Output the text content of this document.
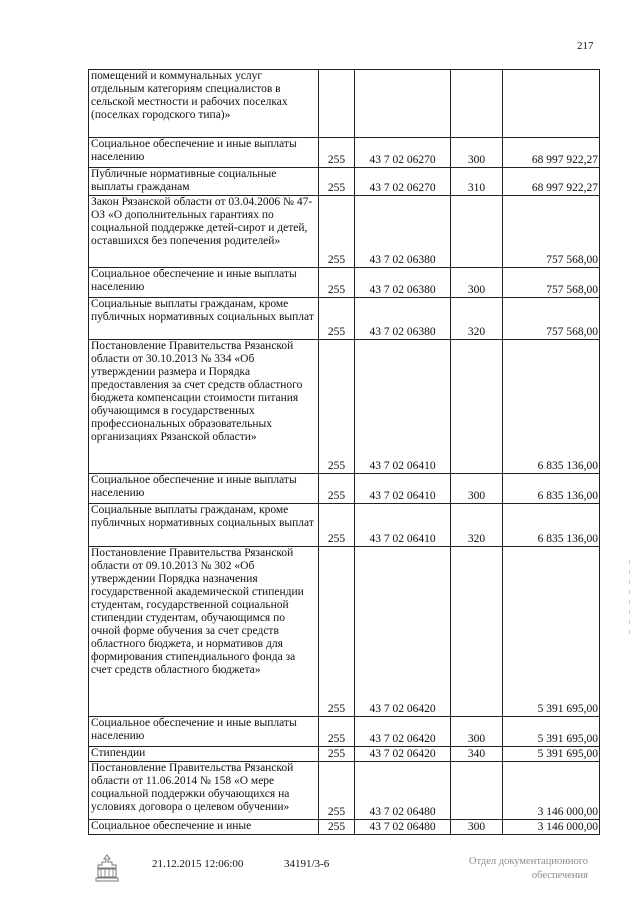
217
помещений и коммунальных услуг отдельным категориям специалистов в сельской местности и рабочих поселках (поселках городского типа)»				
Социальное обеспечение и иные выплаты населению	255	43 7 02 06270	300	68 997 922,27
Публичные нормативные социальные выплаты гражданам	255	43 7 02 06270	310	68 997 922,27
Закон Рязанской области от 03.04.2006 № 47-ОЗ «О дополнительных гарантиях по социальной поддержке детей-сирот и детей, оставшихся без попечения родителей»	255	43 7 02 06380		757 568,00
Социальное обеспечение и иные выплаты населению	255	43 7 02 06380	300	757 568,00
Социальные выплаты гражданам, кроме публичных нормативных социальных выплат	255	43 7 02 06380	320	757 568,00
Постановление Правительства Рязанской области от 30.10.2013 № 334 «Об утверждении размера и Порядка предоставления за счет средств областного бюджета компенсации стоимости питания обучающимся в государственных профессиональных образовательных организациях Рязанской области»	255	43 7 02 06410		6 835 136,00
Социальное обеспечение и иные выплаты населению	255	43 7 02 06410	300	6 835 136,00
Социальные выплаты гражданам, кроме публичных нормативных социальных выплат	255	43 7 02 06410	320	6 835 136,00
Постановление Правительства Рязанской области от 09.10.2013 № 302 «Об утверждении Порядка назначения государственной академической стипендии студентам, государственной социальной стипендии студентам, обучающимся по очной форме обучения за счет средств областного бюджета, и нормативов для формирования стипендиального фонда за счет средств областного бюджета»	255	43 7 02 06420		5 391 695,00
Социальное обеспечение и иные выплаты населению	255	43 7 02 06420	300	5 391 695,00
Стипендии	255	43 7 02 06420	340	5 391 695,00
Постановление Правительства Рязанской области от 11.06.2014 № 158 «О мере социальной поддержки обучающихся на условиях договора о целевом обучении»	255	43 7 02 06480		3 146 000,00
Социальное обеспечение и иные	255	43 7 02 06480	300	3 146 000,00
21.12.2015 12:06:00	34191/3-6	Отдел документационного
обеспечения
